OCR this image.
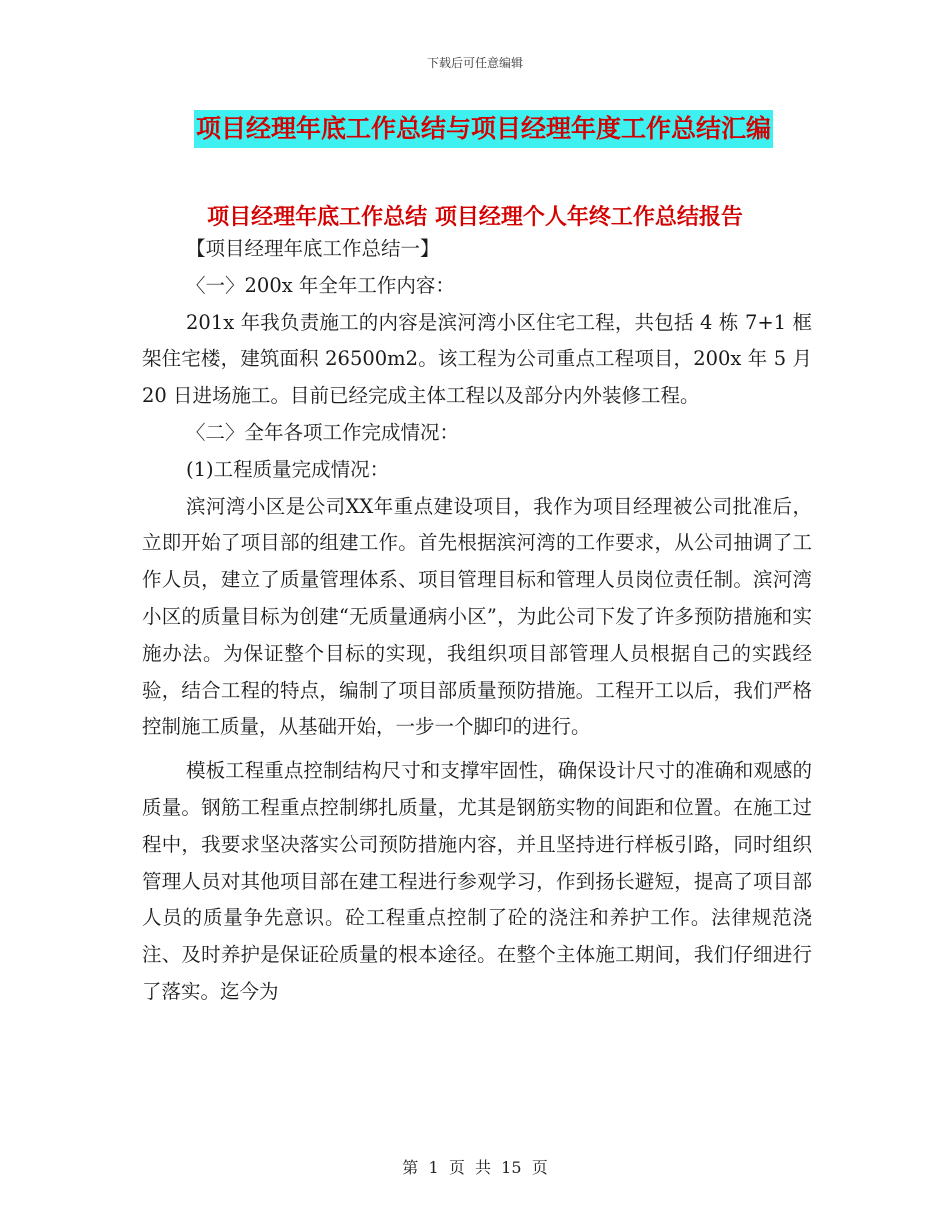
下载后可任意编辑
项目经理年底工作总结与项目经理年度工作总结汇编
项目经理年底工作总结 项目经理个人年终工作总结报告

【项目经理年底工作总结一】

〈一〉200x 年全年工作内容：

201x 年我负责施工的内容是滨河湾小区住宅工程，共包括 4 栋 7+1 框架住宅楼，建筑面积 26500m2。该工程为公司重点工程项目，200x 年 5 月 20 日进场施工。目前已经完成主体工程以及部分内外装修工程。

〈二〉全年各项工作完成情况：

(1)工程质量完成情况：

滨河湾小区是公司XX年重点建设项目，我作为项目经理被公司批准后，立即开始了项目部的组建工作。首先根据滨河湾的工作要求，从公司抽调了工作人员，建立了质量管理体系、项目管理目标和管理人员岗位责任制。滨河湾小区的质量目标为创建“无质量通病小区”，为此公司下发了许多预防措施和实施办法。为保证整个目标的实现，我组织项目部管理人员根据自己的实践经验，结合工程的特点，编制了项目部质量预防措施。工程开工以后，我们严格控制施工质量，从基础开始，一步一个脚印的进行。

模板工程重点控制结构尺寸和支撑牢固性，确保设计尺寸的准确和观感的质量。钢筋工程重点控制绑扎质量，尤其是钢筋实物的间距和位置。在施工过程中，我要求坚决落实公司预防措施内容，并且坚持进行样板引路，同时组织管理人员对其他项目部在建工程进行参观学习，作到扬长避短，提高了项目部人员的质量争先意识。砼工程重点控制了砼的浇注和养护工作。法律规范浇注、及时养护是保证砼质量的根本途径。在整个主体施工期间，我们仔细进行了落实。迄今为

第  1  页  共  15  页
